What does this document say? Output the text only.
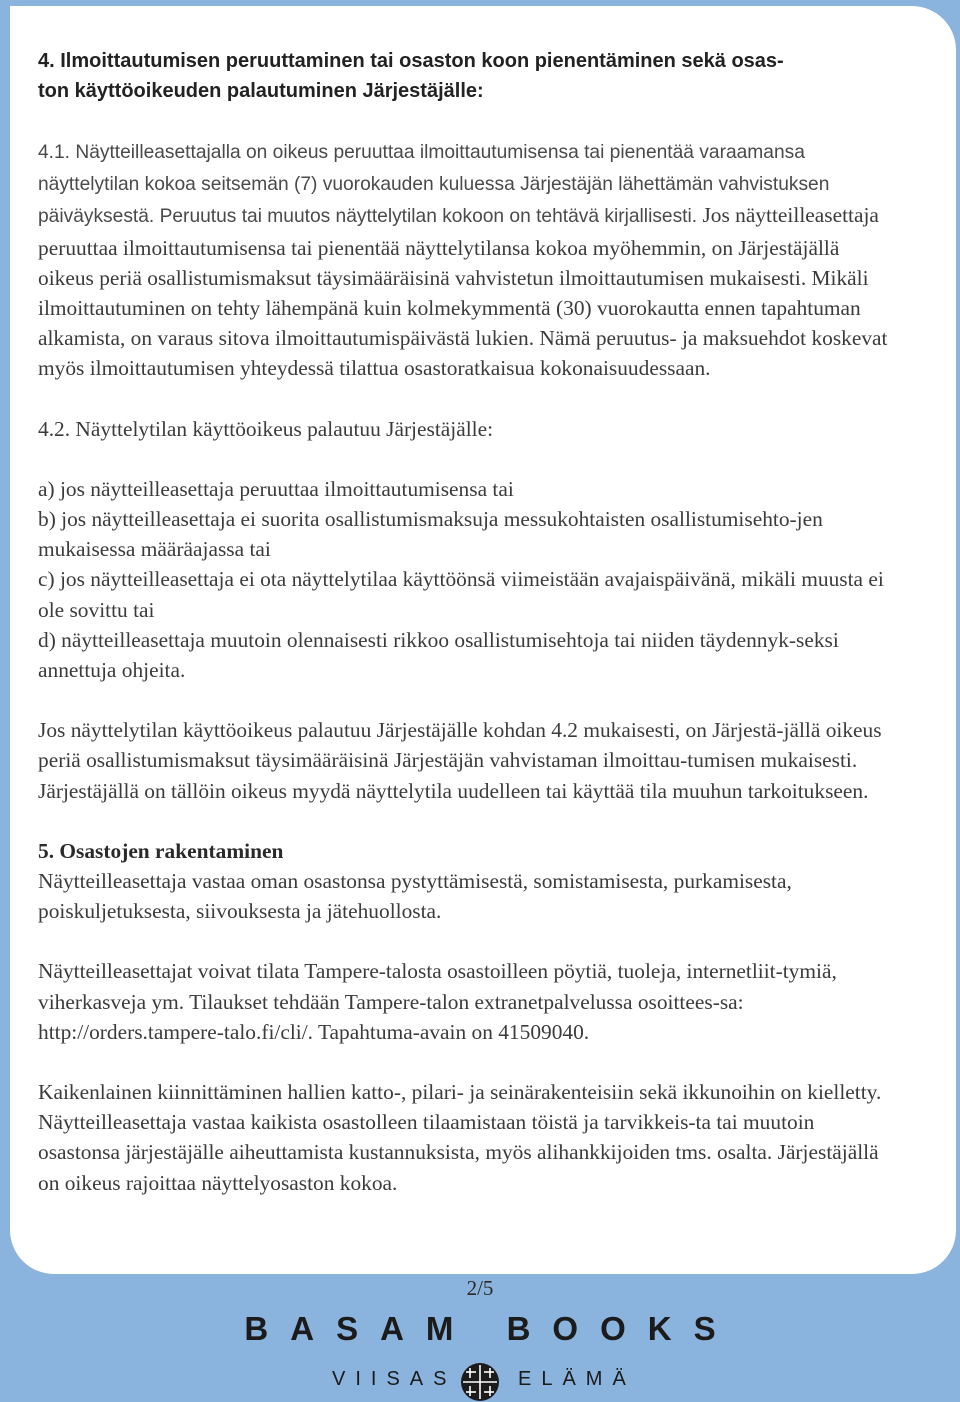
4. Ilmoittautumisen peruuttaminen tai osaston koon pienentäminen sekä osas-
ton käyttöoikeuden palautuminen Järjestäjälle:

4.1. Näytteilleasettajalla on oikeus peruuttaa ilmoittautumisensa tai pienentää varaamansa näyttelytilan kokoa seitsemän (7) vuorokauden kuluessa Järjestäjän lähettämän vahvistuksen päiväyksestä. Peruutus tai muutos näyttelytilan kokoon on tehtävä kirjallisesti. Jos näytteilleasettaja peruuttaa ilmoittautumisensa tai pienentää näyttelytilansa kokoa myöhemmin, on Järjestäjällä oikeus periä osallistumismaksut täysimääräisinä vahvistetun ilmoittautumisen mukaisesti. Mikäli ilmoittautuminen on tehty lähempänä kuin kolmekymmentä (30) vuorokautta ennen tapahtuman alkamista, on varaus sitova ilmoittautumispäivästä lukien. Nämä peruutus- ja maksuehdot koskevat myös ilmoittautumisen yhteydessä tilattua osastoratkaisua kokonaisuudessaan.

4.2. Näyttelytilan käyttöoikeus palautuu Järjestäjälle:

a) jos näytteilleasettaja peruuttaa ilmoittautumisensa tai

b) jos näytteilleasettaja ei suorita osallistumismaksuja messukohtaisten osallistumisehto-jen mukaisessa määräajassa tai

c) jos näytteilleasettaja ei ota näyttelytilaa käyttöönsä viimeistään avajaispäivänä, mikäli muusta ei ole sovittu tai

d) näytteilleasettaja muutoin olennaisesti rikkoo osallistumisehtoja tai niiden täydennyk-seksi annettuja ohjeita.

Jos näyttelytilan käyttöoikeus palautuu Järjestäjälle kohdan 4.2 mukaisesti, on Järjestä-jällä oikeus periä osallistumismaksut täysimääräisinä Järjestäjän vahvistaman ilmoittau-tumisen mukaisesti. Järjestäjällä on tällöin oikeus myydä näyttelytila uudelleen tai käyttää tila muuhun tarkoitukseen.

5. Osastojen rakentaminen

Näytteilleasettaja vastaa oman osastonsa pystyttämisestä, somistamisesta, purkamisesta, poiskuljetuksesta, siivouksesta ja jätehuollosta.

Näytteilleasettajat voivat tilata Tampere-talosta osastoilleen pöytiä, tuoleja, internetliit-tymiä, viherkasveja ym. Tilaukset tehdään Tampere-talon extranetpalvelussa osoittees-sa: http://orders.tampere-talo.fi/cli/. Tapahtuma-avain on 41509040.

Kaikenlainen kiinnittäminen hallien katto-, pilari- ja seinärakenteisiin sekä ikkunoihin on kielletty. Näytteilleasettaja vastaa kaikista osastolleen tilaamistaan töistä ja tarvikkeis-ta tai muutoin osastonsa järjestäjälle aiheuttamista kustannuksista, myös alihankkijoiden tms. osalta. Järjestäjällä on oikeus rajoittaa näyttelyosaston kokoa.

2/5
BASAM BOOKS
VIISAS	ELÄMÄ
